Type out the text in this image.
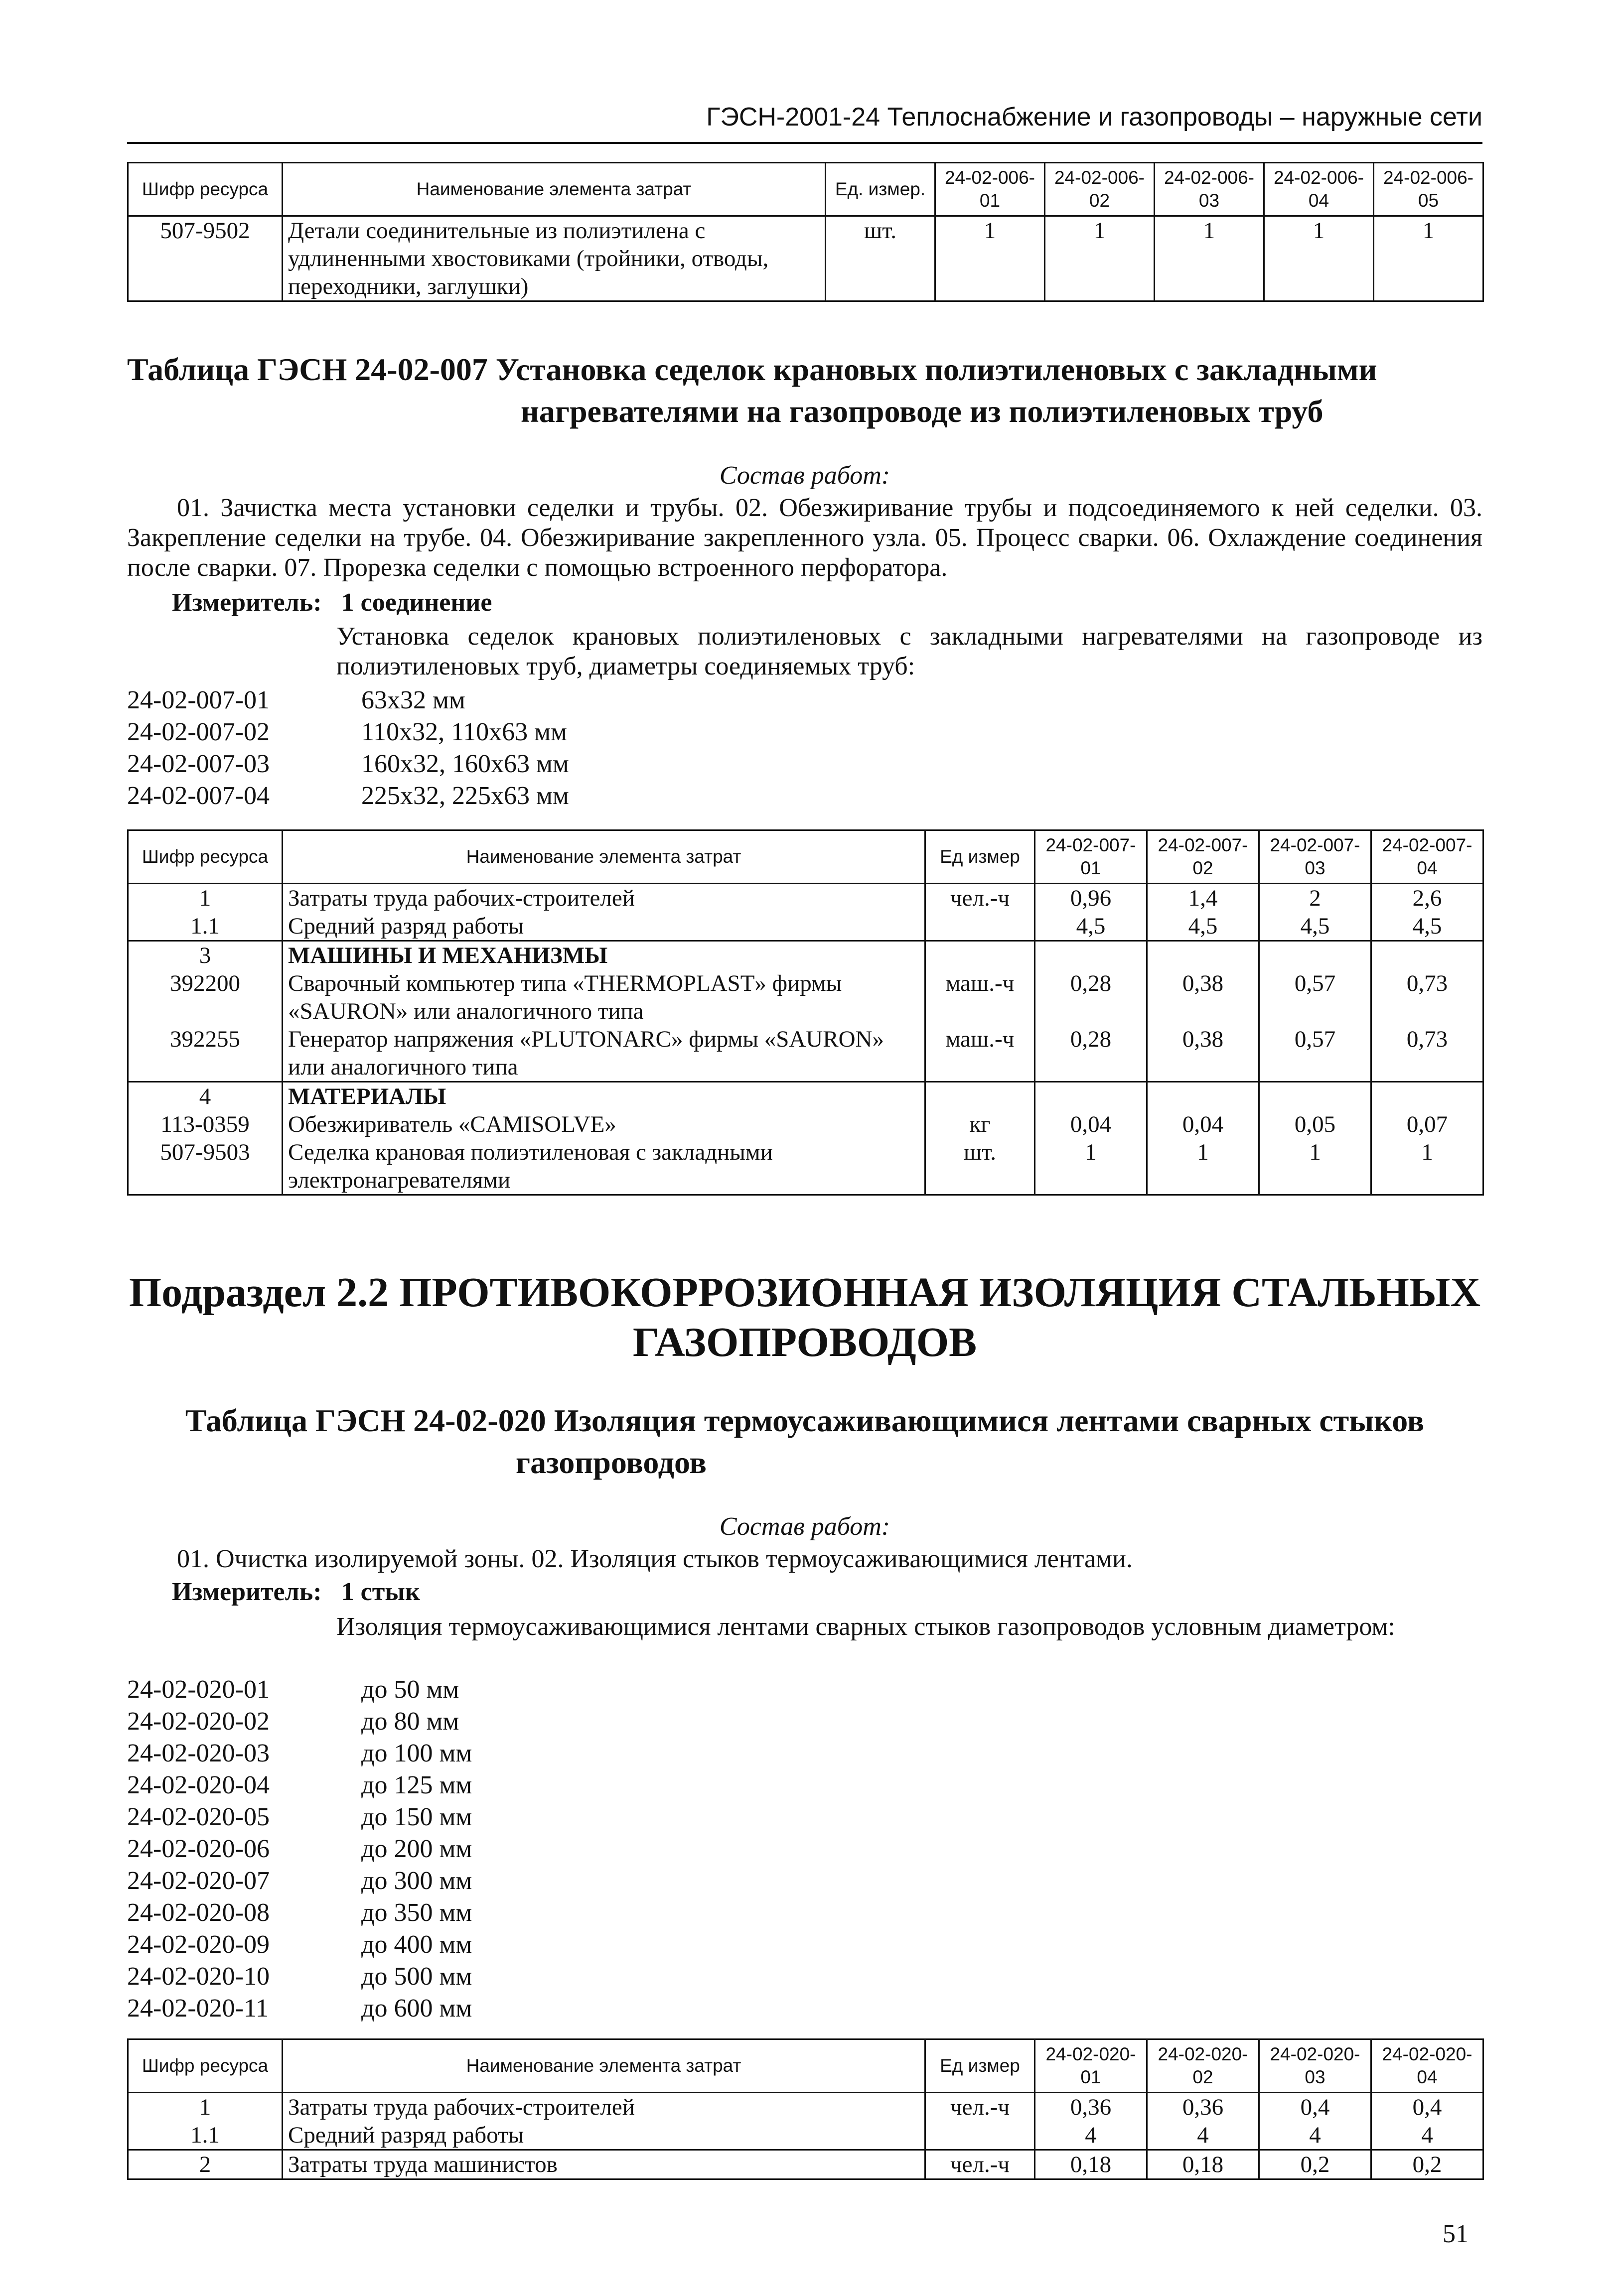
ГЭСН-2001-24 Теплоснабжение и газопроводы – наружные сети
Шифр ресурса	Наименование элемента затрат	Ед. измер.	24-02-006-01	24-02-006-02	24-02-006-03	24-02-006-04	24-02-006-05
507-9502	Детали соединительные из полиэтилена с удлиненными хвостовиками (тройники, отводы, переходники, заглушки)	шт.	1	1	1	1	1
Таблица ГЭСН 24-02-007 Установка седелок крановых полиэтиленовых с закладными
нагревателями на газопроводе из полиэтиленовых труб
Состав работ:
01. Зачистка места установки седелки и трубы. 02. Обезжиривание трубы и подсоединяемого к ней седелки. 03. Закрепление седелки на трубе. 04. Обезжиривание закрепленного узла. 05. Процесс сварки. 06. Охлаждение соединения после сварки. 07. Прорезка седелки с помощью встроенного перфоратора.
Измеритель: 1 соединение
Установка седелок крановых полиэтиленовых с закладными нагревателями на газопроводе из полиэтиленовых труб, диаметры соединяемых труб:
24-02-007-01	63х32 мм
24-02-007-02	110х32, 110х63 мм
24-02-007-03	160х32, 160х63 мм
24-02-007-04	225х32, 225х63 мм
Шифр ресурса	Наименование элемента затрат	Ед измер	24-02-007-01	24-02-007-02	24-02-007-03	24-02-007-04
1	Затраты труда рабочих-строителей	чел.-ч	0,96	1,4	2	2,6
1.1	Средний разряд работы		4,5	4,5	4,5	4,5
3	МАШИНЫ И МЕХАНИЗМЫ					
392200	Сварочный компьютер типа «THERMOPLAST» фирмы «SAURON» или аналогичного типа	маш.-ч	0,28	0,38	0,57	0,73
392255	Генератор напряжения «PLUTONARC» фирмы «SAURON» или аналогичного типа	маш.-ч	0,28	0,38	0,57	0,73
4	МАТЕРИАЛЫ					
113-0359	Обезжириватель «CAMISOLVE»	кг	0,04	0,04	0,05	0,07
507-9503	Седелка крановая полиэтиленовая с закладными электронагревателями	шт.	1	1	1	1
Подраздел 2.2 ПРОТИВОКОРРОЗИОННАЯ ИЗОЛЯЦИЯ СТАЛЬНЫХ
ГАЗОПРОВОДОВ
Таблица ГЭСН 24-02-020 Изоляция термоусаживающимися лентами сварных стыков
газопроводов
Состав работ:
01. Очистка изолируемой зоны. 02. Изоляция стыков термоусаживающимися лентами.
Измеритель: 1 стык
Изоляция термоусаживающимися лентами сварных стыков газопроводов условным диаметром:
24-02-020-01	до 50 мм
24-02-020-02	до 80 мм
24-02-020-03	до 100 мм
24-02-020-04	до 125 мм
24-02-020-05	до 150 мм
24-02-020-06	до 200 мм
24-02-020-07	до 300 мм
24-02-020-08	до 350 мм
24-02-020-09	до 400 мм
24-02-020-10	до 500 мм
24-02-020-11	до 600 мм
Шифр ресурса	Наименование элемента затрат	Ед измер	24-02-020-01	24-02-020-02	24-02-020-03	24-02-020-04
1	Затраты труда рабочих-строителей	чел.-ч	0,36	0,36	0,4	0,4
1.1	Средний разряд работы		4	4	4	4
2	Затраты труда машинистов	чел.-ч	0,18	0,18	0,2	0,2
51
